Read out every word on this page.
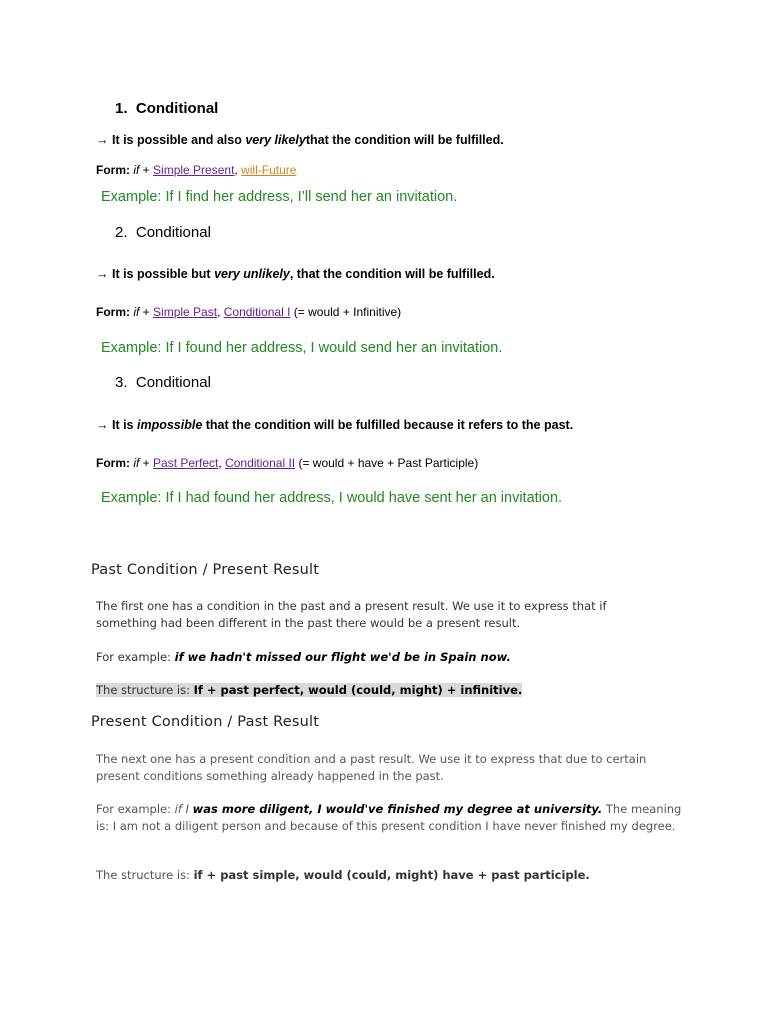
1. Conditional
→ It is possible and also very likelythat the condition will be fulfilled.
Form: if + Simple Present, will-Future
Example: If I find her address, I’ll send her an invitation.
2. Conditional
→ It is possible but very unlikely, that the condition will be fulfilled.
Form: if + Simple Past, Conditional I (= would + Infinitive)
Example: If I found her address, I would send her an invitation.
3. Conditional
→ It is impossible that the condition will be fulfilled because it refers to the past.
Form: if + Past Perfect, Conditional II (= would + have + Past Participle)
Example: If I had found her address, I would have sent her an invitation.
Past Condition / Present Result
The first one has a condition in the past and a present result. We use it to express that if something had been different in the past there would be a present result.
For example: if we hadn't missed our flight we'd be in Spain now.
The structure is: If + past perfect, would (could, might) + infinitive.
Present Condition / Past Result
The next one has a present condition and a past result. We use it to express that due to certain present conditions something already happened in the past.
For example: if I was more diligent, I would've finished my degree at university. The meaning is: I am not a diligent person and because of this present condition I have never finished my degree.
The structure is: if + past simple, would (could, might) have + past participle.
